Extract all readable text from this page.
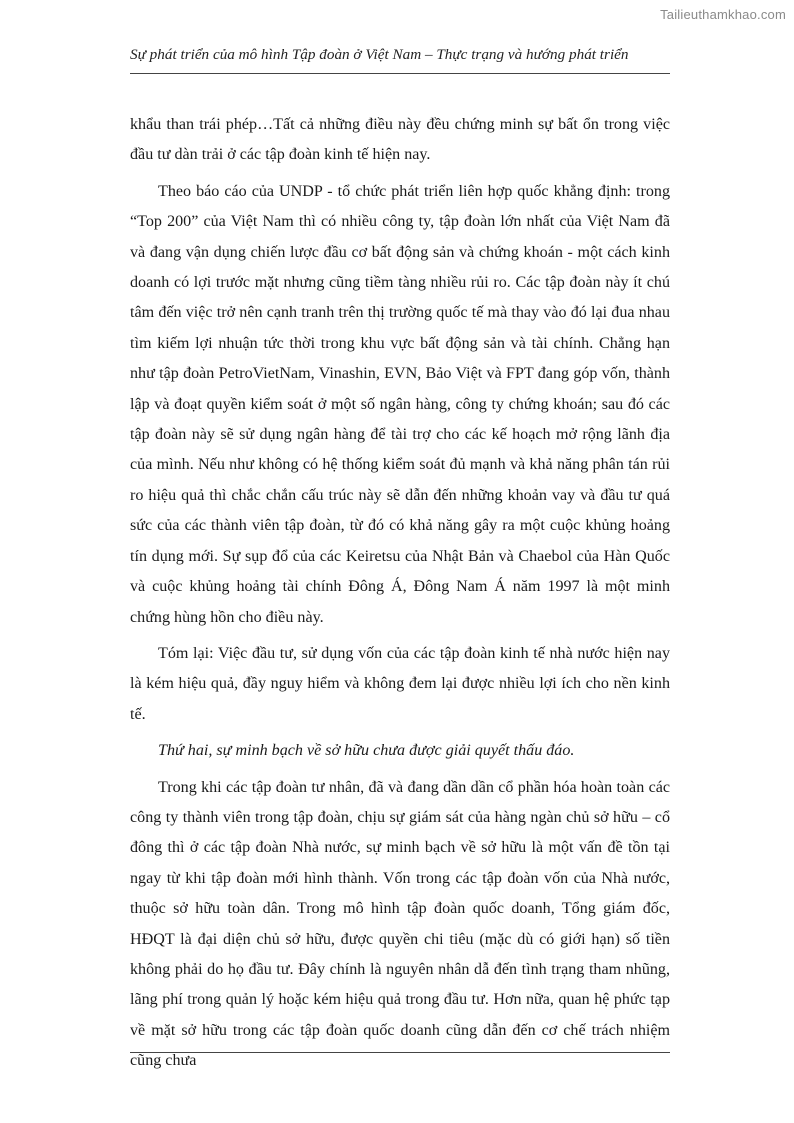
Tailieuthamkhao.com
Sự phát triển của mô hình Tập đoàn ở Việt Nam – Thực trạng và hướng phát triển

khẩu than trái phép…Tất cả những điều này đều chứng minh sự bất ổn trong việc đầu tư dàn trải ở các tập đoàn kinh tế hiện nay.

Theo báo cáo của UNDP - tổ chức phát triển liên hợp quốc khẳng định: trong “Top 200” của Việt Nam thì có nhiều công ty, tập đoàn lớn nhất của Việt Nam đã và đang vận dụng chiến lược đầu cơ bất động sản và chứng khoán - một cách kinh doanh có lợi trước mặt nhưng cũng tiềm tàng nhiều rủi ro. Các tập đoàn này ít chú tâm đến việc trở nên cạnh tranh trên thị trường quốc tế mà thay vào đó lại đua nhau tìm kiếm lợi nhuận tức thời trong khu vực bất động sản và tài chính. Chẳng hạn như tập đoàn PetroVietNam, Vinashin, EVN, Bảo Việt và FPT đang góp vốn, thành lập và đoạt quyền kiểm soát ở một số ngân hàng, công ty chứng khoán; sau đó các tập đoàn này sẽ sử dụng ngân hàng để tài trợ cho các kế hoạch mở rộng lãnh địa của mình. Nếu như không có hệ thống kiểm soát đủ mạnh và khả năng phân tán rủi ro hiệu quả thì chắc chắn cấu trúc này sẽ dẫn đến những khoản vay và đầu tư quá sức của các thành viên tập đoàn, từ đó có khả năng gây ra một cuộc khủng hoảng tín dụng mới. Sự sụp đổ của các Keiretsu của Nhật Bản và Chaebol của Hàn Quốc và cuộc khủng hoảng tài chính Đông Á, Đông Nam Á năm 1997 là một minh chứng hùng hồn cho điều này.

Tóm lại: Việc đầu tư, sử dụng vốn của các tập đoàn kinh tế nhà nước hiện nay là kém hiệu quả, đầy nguy hiểm và không đem lại được nhiều lợi ích cho nền kinh tế.

Thứ hai, sự minh bạch về sở hữu chưa được giải quyết thấu đáo.

Trong khi các tập đoàn tư nhân, đã và đang dần dần cổ phần hóa hoàn toàn các công ty thành viên trong tập đoàn, chịu sự giám sát của hàng ngàn chủ sở hữu – cổ đông thì ở các tập đoàn Nhà nước, sự minh bạch về sở hữu là một vấn đề tồn tại ngay từ khi tập đoàn mới hình thành. Vốn trong các tập đoàn vốn của Nhà nước, thuộc sở hữu toàn dân. Trong mô hình tập đoàn quốc doanh, Tổng giám đốc, HĐQT là đại diện chủ sở hữu, được quyền chi tiêu (mặc dù có giới hạn) số tiền không phải do họ đầu tư. Đây chính là nguyên nhân dẫ đến tình trạng tham nhũng, lãng phí trong quản lý hoặc kém hiệu quả trong đầu tư. Hơn nữa, quan hệ phức tạp về mặt sở hữu trong các tập đoàn quốc doanh cũng dẫn đến cơ chế trách nhiệm cũng chưa
